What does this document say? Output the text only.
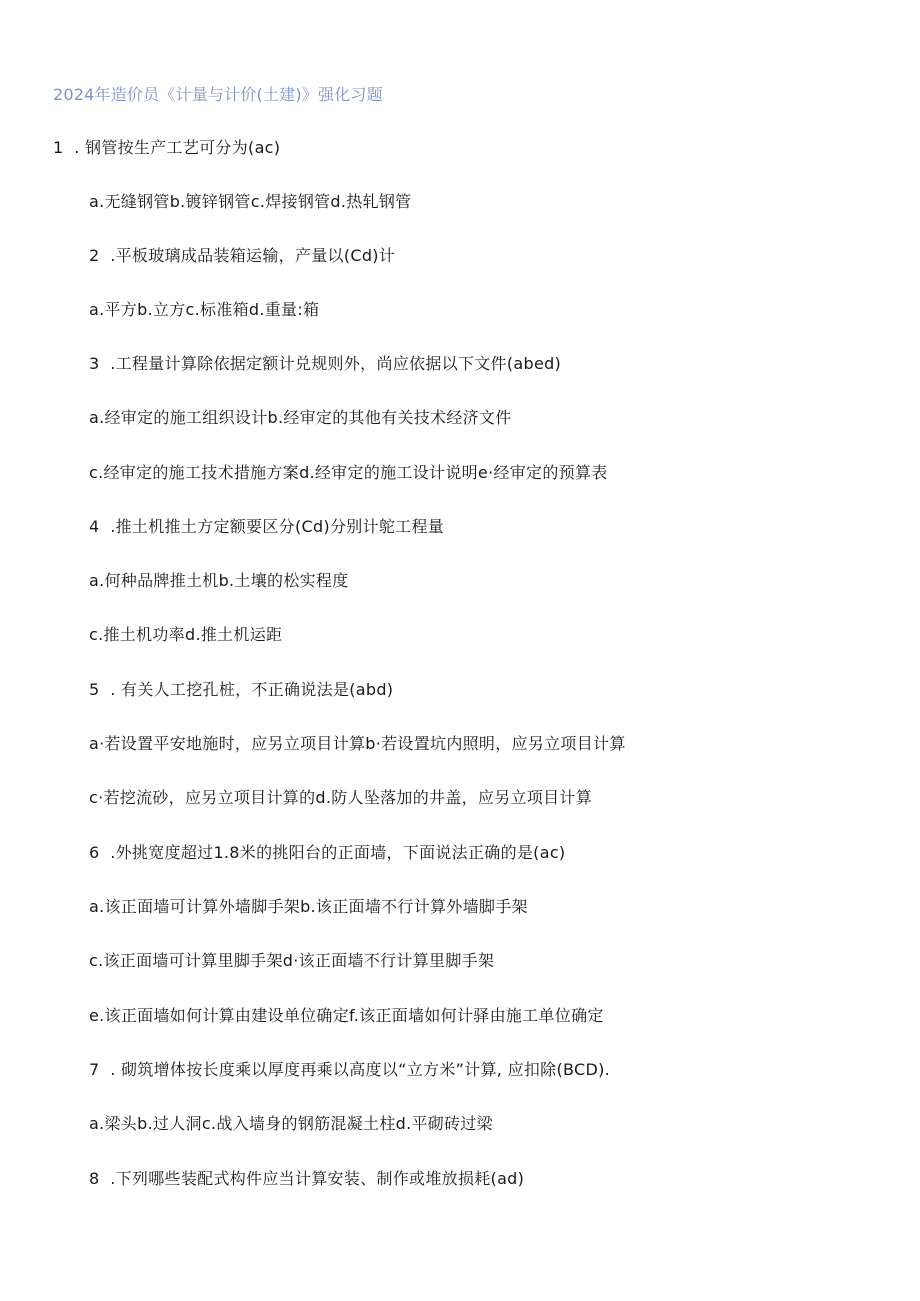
2024年造价员《计量与计价(土建)》强化习题
1  . 钢管按生产工艺可分为(ac)
a.无缝钢管b.镀锌钢管c.焊接钢管d.热轧钢管
2  .平板玻璃成品装箱运输，产量以(Cd)计
a.平方b.立方c.标准箱d.重量:箱
3  .工程量计算除依据定额计兑规则外，尚应依据以下文件(abed)
a.经审定的施工组织设计b.经审定的其他有关技术经济文件
c.经审定的施工技术措施方案d.经审定的施工设计说明e·经审定的预算表
4  .推土机推土方定额要区分(Cd)分别计鸵工程量
a.何种品牌推土机b.土壤的松实程度
c.推土机功率d.推土机运距
5  . 有关人工挖孔桩，不正确说法是(abd)
a·若设置平安地施时，应另立项目计算b·若设置坑内照明，应另立项目计算
c·若挖流砂，应另立项目计算的d.防人坠落加的井盖，应另立项目计算
6  .外挑宽度超过1.8米的挑阳台的正面墙，下面说法正确的是(ac)
a.该正面墙可计算外墙脚手架b.该正面墙不行计算外墙脚手架
c.该正面墙可计算里脚手架d·该正面墙不行计算里脚手架
e.该正面墙如何计算由建设单位确定f.该正面墙如何计驿由施工单位确定
7  . 砌筑增体按长度乘以厚度再乘以高度以“立方米”计算, 应扣除(BCD).
a.梁头b.过人洞c.战入墙身的钢筋混凝土柱d.平砌砖过梁
8  .下列哪些装配式构件应当计算安装、制作或堆放损耗(ad)
